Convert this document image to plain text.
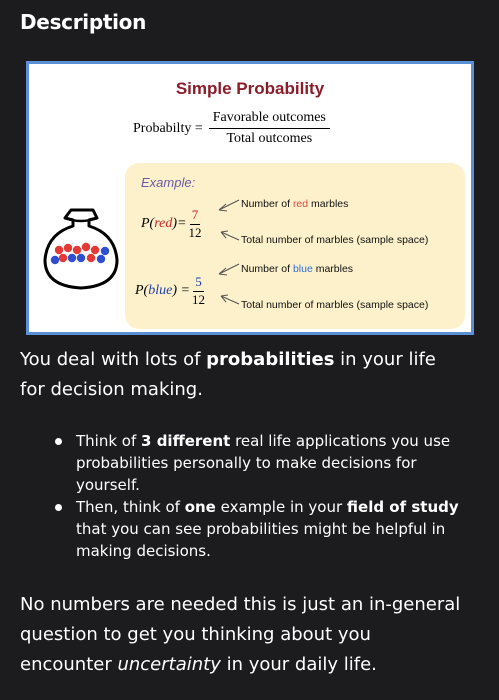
Description
Simple Probability
Probabilty = $\frac{\text{Favorable outcomes}}{\text{Total outcomes}}$
Example:
P( red )= $\frac{7}{12}$
P( blue ) = $\frac{5}{12}$
Number of red marbles
Total number of marbles (sample space)
Number of blue marbles
Total number of marbles (sample space)
You deal with lots of probabilities in your life
for decision making.
Think of 3 different real life applications you use probabilities personally to make decisions for yourself.
Then, think of one example in your field of study that you can see probabilities might be helpful in making decisions.
No numbers are needed this is just an in-general
question to get you thinking about you
encounter uncertainty in your daily life.
